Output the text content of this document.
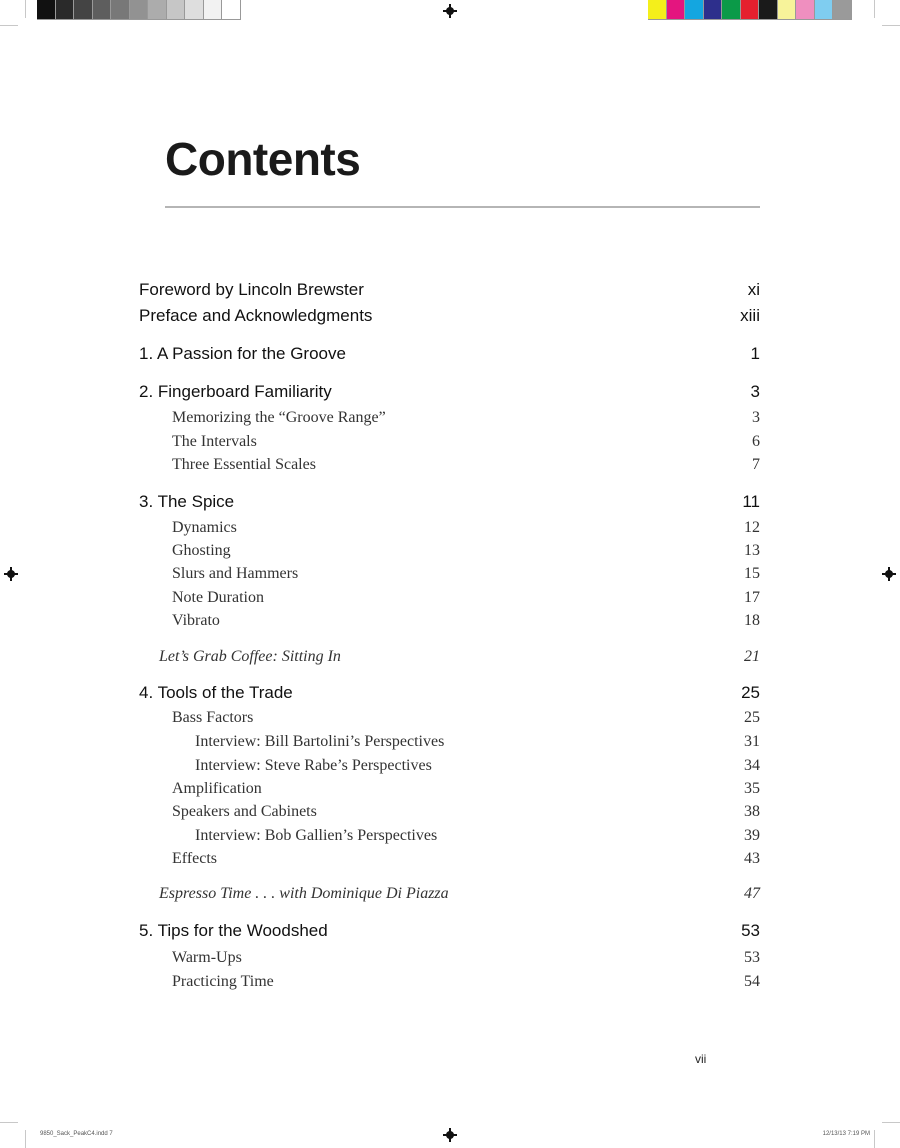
Contents
Foreword by Lincoln Brewster	xi
Preface and Acknowledgments	xiii
1. A Passion for the Groove	1
2. Fingerboard Familiarity	3
Memorizing the “Groove Range”	3
The Intervals	6
Three Essential Scales	7
3. The Spice	11
Dynamics	12
Ghosting	13
Slurs and Hammers	15
Note Duration	17
Vibrato	18
Let’s Grab Coffee: Sitting In	21
4. Tools of the Trade	25
Bass Factors	25
Interview: Bill Bartolini’s Perspectives	31
Interview: Steve Rabe’s Perspectives	34
Amplification	35
Speakers and Cabinets	38
Interview: Bob Gallien’s Perspectives	39
Effects	43
Espresso Time . . . with Dominique Di Piazza	47
5. Tips for the Woodshed	53
Warm-Ups	53
Practicing Time	54
vii
9850_Sack_PeakC4.indd 7	12/13/13 7:19 PM
